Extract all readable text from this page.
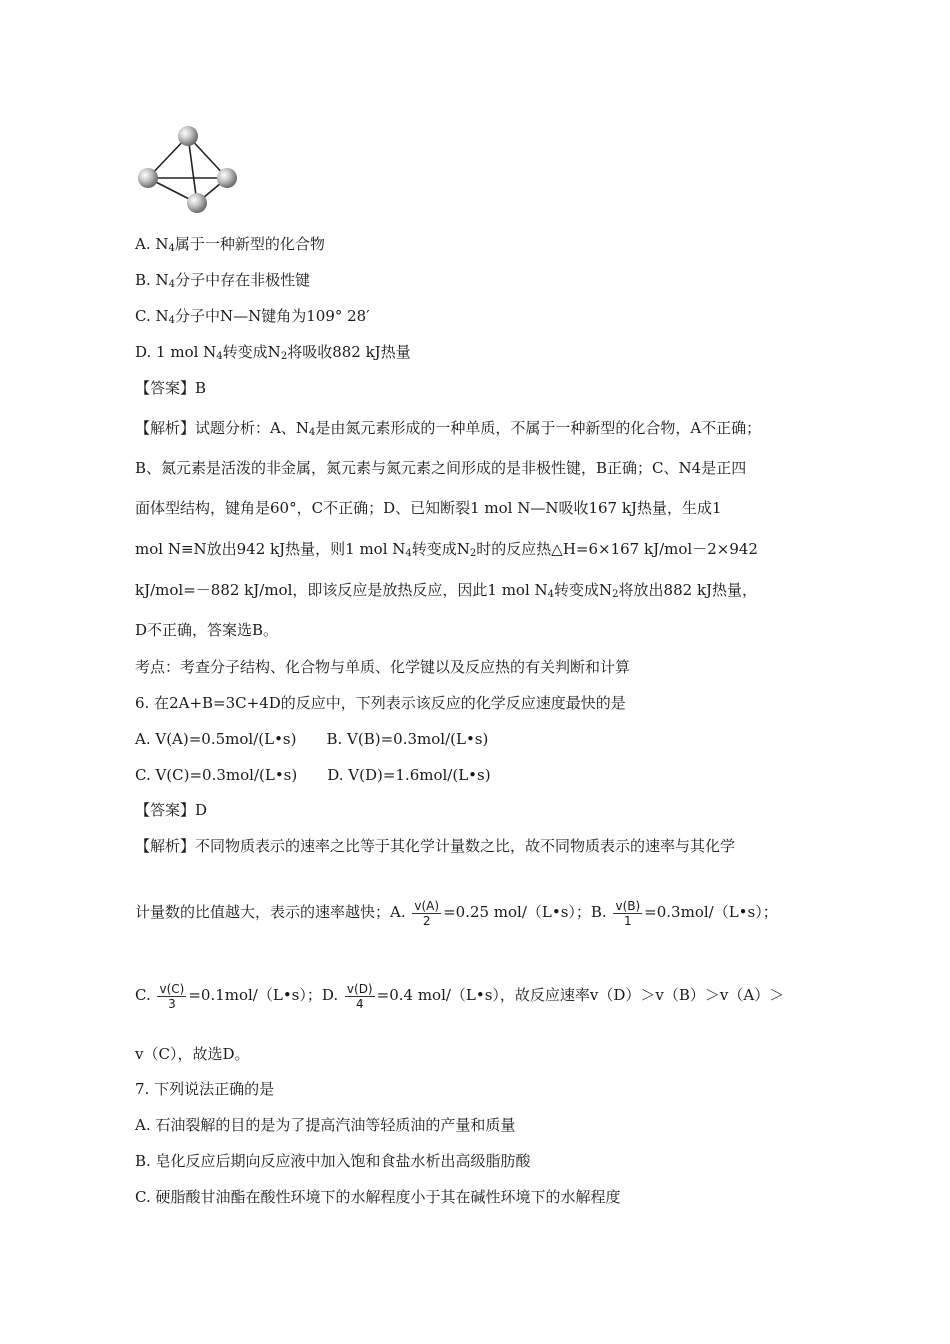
A. $N_4$属于一种新型的化合物
B. $N_4$分子中存在非极性键
C. $N_4$分子中N—N键角为109° 28′
D. 1 mol $N_4$转变成$N_2$将吸收882 kJ热量
【答案】B
【解析】试题分析：A、$N_4$是由氮元素形成的一种单质，不属于一种新型的化合物，A不正确；
B、氮元素是活泼的非金属，氮元素与氮元素之间形成的是非极性键，B正确；C、N4是正四
面体型结构，键角是60°，C不正确；D、已知断裂1 mol N—N吸收167 kJ热量，生成1
mol N≡N放出942 kJ热量，则1 mol $N_4$转变成$N_2$时的反应热△H=6×167 kJ/mol－2×942
kJ/mol=－882 kJ/mol，即该反应是放热反应，因此1 mol $N_4$转变成$N_2$将放出882 kJ热量，
D不正确，答案选B。
考点：考查分子结构、化合物与单质、化学键以及反应热的有关判断和计算
6. 在2A+B=3C+4D的反应中，下列表示该反应的化学反应速度最快的是
A. V(A)=0.5mol/(L•s) B. V(B)=0.3mol/(L•s)
C. V(C)=0.3mol/(L•s) D. V(D)=1.6mol/(L•s)
【答案】D
【解析】不同物质表示的速率之比等于其化学计量数之比，故不同物质表示的速率与其化学
计量数的比值越大，表示的速率越快；A. $\frac{v(A)}{2} =0.25$ mol/（L•s）；B. $\frac{v(B)}{1}$ =0.3mol/（L•s）；
C. $\frac{v(C)}{3}$ =0.1mol/（L•s）；D. $\frac{v(D)}{4} =0.4$ mol/（L•s），故反应速率v（D）＞v（B）＞v（A）＞
v（C），故选D。
7. 下列说法正确的是
A. 石油裂解的目的是为了提高汽油等轻质油的产量和质量
B. 皂化反应后期向反应液中加入饱和食盐水析出高级脂肪酸
C. 硬脂酸甘油酯在酸性环境下的水解程度小于其在碱性环境下的水解程度
